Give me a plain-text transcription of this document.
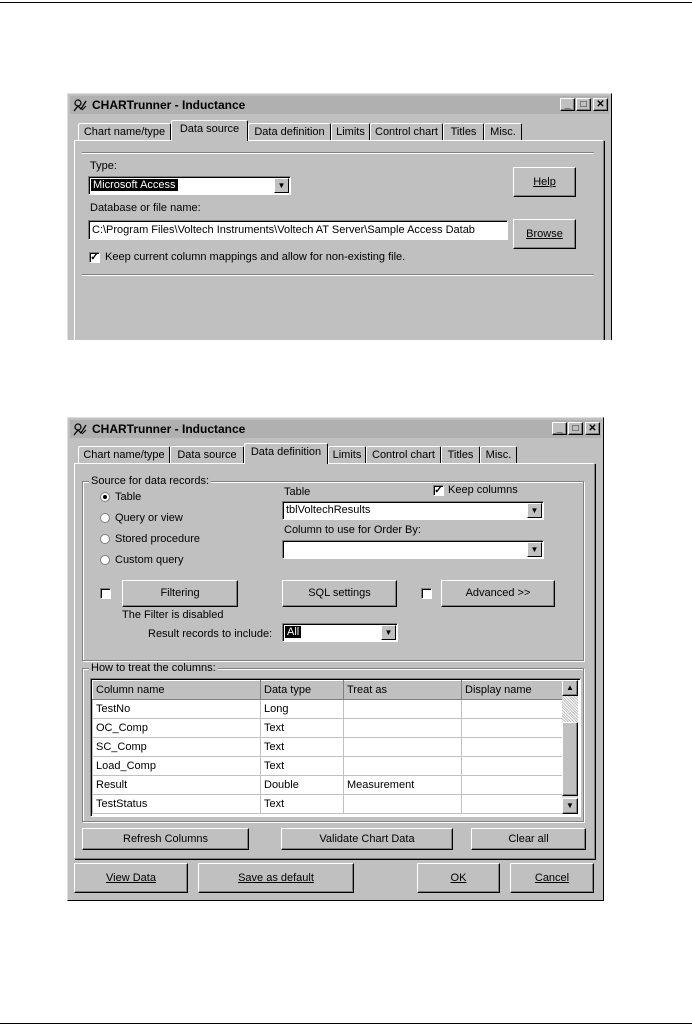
CHARTrunner - Inductance	_	□ ✕
Chart name/type	Data source	Data definition	Limits Control chart	Titles	Misc.
Type:
Microsoft Access	▼	Help
Database or file name:
C:\Program Files\Voltech Instruments\Voltech AT Server\Sample Access Datab	Browse
✓ Keep current column mappings and allow for non-existing file.
CHARTrunner - Inductance	_	□ ✕
Chart name/type	Data source	Data definition	Limits Control chart	Titles	Misc.
Source for data records:
Table
Query or view
Stored procedure
Custom query
Table	✓ Keep columns
tblVoltechResults	▼
Column to use for Order By:
▼
Filtering
The Filter is disabled
SQL settings	Advanced >>
Result records to include: All	▼
How to treat the columns:
Column name	Data type	Treat as	Display name
TestNo	Long		
OC_Comp	Text		
SC_Comp	Text		
Load_Comp	Text		
Result	Double	Measurement	
TestStatus	Text		
▲
▼
Refresh Columns	Validate Chart Data	Clear all
View Data	Save as default	OK	Cancel
